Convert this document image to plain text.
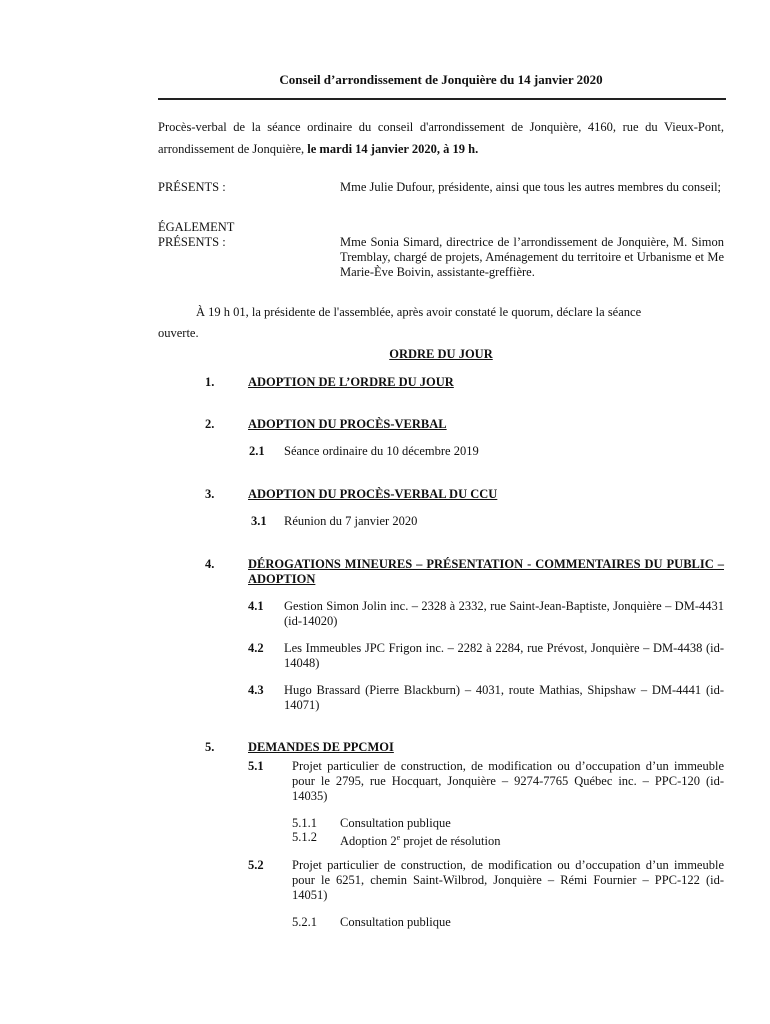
Conseil d’arrondissement de Jonquière du 14 janvier 2020
Procès-verbal de la séance ordinaire du conseil d'arrondissement de Jonquière, 4160, rue du Vieux-Pont, arrondissement de Jonquière, le mardi 14 janvier 2020, à 19 h.
PRÉSENTS :	Mme Julie Dufour, présidente, ainsi que tous les autres membres du conseil;
ÉGALEMENT
PRÉSENTS :	Mme Sonia Simard, directrice de l’arrondissement de Jonquière, M. Simon Tremblay, chargé de projets, Aménagement du territoire et Urbanisme et Me Marie-Ève Boivin, assistante-greffière.
À 19 h 01, la présidente de l'assemblée, après avoir constaté le quorum, déclare la séance
ouverte.
ORDRE DU JOUR
1.	ADOPTION DE L’ORDRE DU JOUR
2.	ADOPTION DU PROCÈS-VERBAL
2.1 Séance ordinaire du 10 décembre 2019
3.	ADOPTION DU PROCÈS-VERBAL DU CCU
3.1 Réunion du 7 janvier 2020
4.	DÉROGATIONS MINEURES – PRÉSENTATION - COMMENTAIRES DU PUBLIC – ADOPTION
4.1 Gestion Simon Jolin inc. – 2328 à 2332, rue Saint-Jean-Baptiste, Jonquière – DM-4431 (id-14020)
4.2 Les Immeubles JPC Frigon inc. – 2282 à 2284, rue Prévost, Jonquière – DM-4438 (id-14048)
4.3 Hugo Brassard (Pierre Blackburn) – 4031, route Mathias, Shipshaw – DM-4441 (id-14071)
5.	DEMANDES DE PPCMOI
5.1 Projet particulier de construction, de modification ou d’occupation d’un immeuble pour le 2795, rue Hocquart, Jonquière – 9274-7765 Québec inc. – PPC-120 (id-14035)
5.1.1 Consultation publique
5.1.2 Adoption 2e projet de résolution
5.2 Projet particulier de construction, de modification ou d’occupation d’un immeuble pour le 6251, chemin Saint-Wilbrod, Jonquière – Rémi Fournier – PPC-122 (id-14051)
5.2.1 Consultation publique
